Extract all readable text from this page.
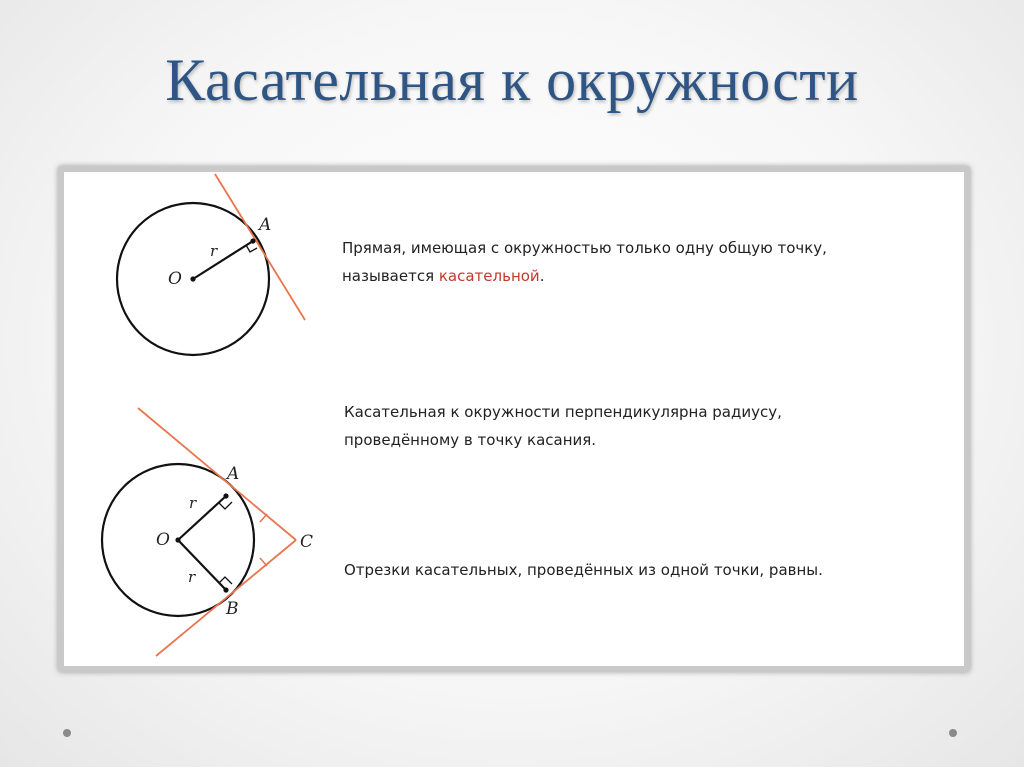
Касательная к окружности
O
r
A
O
r
r
A
B
C
Прямая, имеющая с окружностью только одну общую точку,
называется касательной.
Касательная к окружности перпендикулярна радиусу,
проведённому в точку касания.
Отрезки касательных, проведённых из одной точки, равны.
